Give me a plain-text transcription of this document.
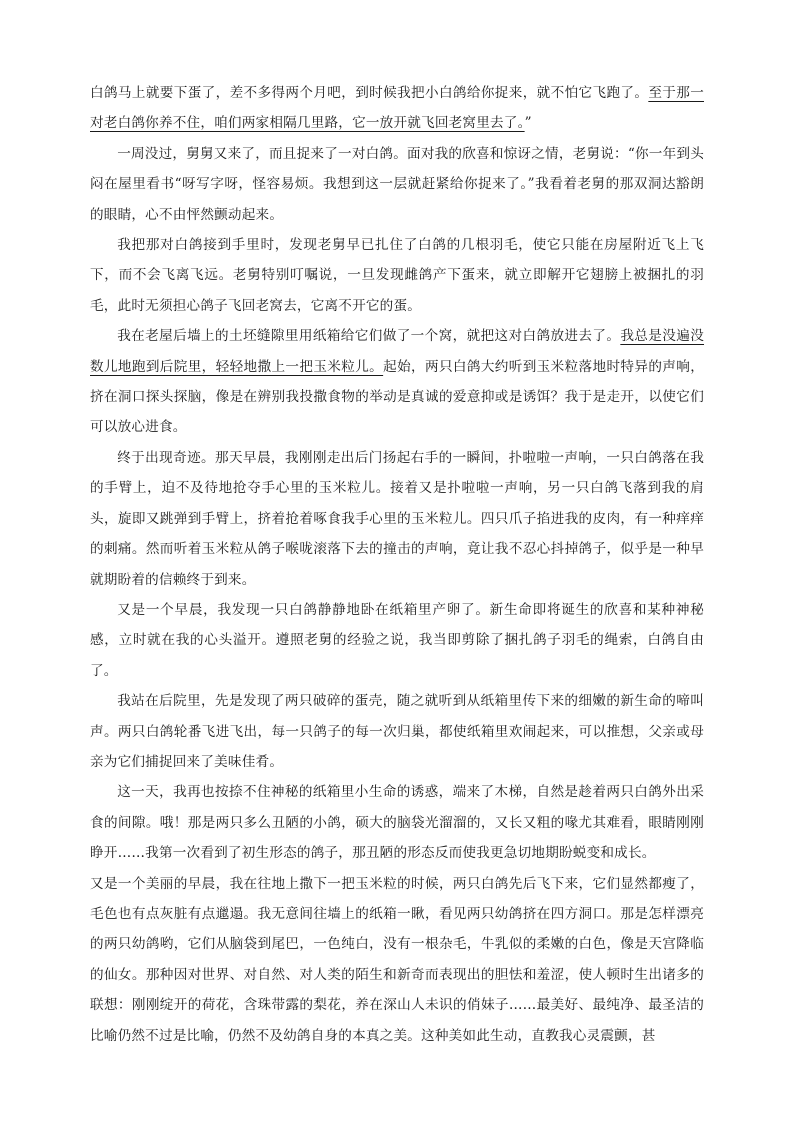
白鸽马上就要下蛋了，差不多得两个月吧，到时候我把小白鸽给你捉来，就不怕它飞跑了。至于那一对老白鸽你养不住，咱们两家相隔几里路，它一放开就飞回老窝里去了。”

一周没过，舅舅又来了，而且捉来了一对白鸽。面对我的欣喜和惊讶之情，老舅说：“你一年到头闷在屋里看书“呀写字呀，怪容易烦。我想到这一层就赶紧给你捉来了。”我看着老舅的那双洞达豁朗的眼睛，心不由怦然颤动起来。

我把那对白鸽接到手里时，发现老舅早已扎住了白鸽的几根羽毛，使它只能在房屋附近飞上飞下，而不会飞离飞远。老舅特别叮嘱说，一旦发现雌鸽产下蛋来，就立即解开它翅膀上被捆扎的羽毛，此时无须担心鸽子飞回老窝去，它离不开它的蛋。

我在老屋后墙上的土坯缝隙里用纸箱给它们做了一个窝，就把这对白鸽放进去了。我总是没遍没数儿地跑到后院里，轻轻地撒上一把玉米粒儿。起始，两只白鸽大约听到玉米粒落地时特异的声响，挤在洞口探头探脑，像是在辨别我投撒食物的举动是真诚的爱意抑或是诱饵？我于是走开，以使它们可以放心进食。

终于出现奇迹。那天早晨，我刚刚走出后门扬起右手的一瞬间，扑啦啦一声响，一只白鸽落在我的手臂上，迫不及待地抢夺手心里的玉米粒儿。接着又是扑啦啦一声响，另一只白鸽飞落到我的肩头，旋即又跳弹到手臂上，挤着抢着啄食我手心里的玉米粒儿。四只爪子掐进我的皮肉，有一种痒痒的刺痛。然而听着玉米粒从鸽子喉咙滚落下去的撞击的声响，竟让我不忍心抖掉鸽子，似乎是一种早就期盼着的信赖终于到来。

又是一个早晨，我发现一只白鸽静静地卧在纸箱里产卵了。新生命即将诞生的欣喜和某种神秘感，立时就在我的心头溢开。遵照老舅的经验之说，我当即剪除了捆扎鸽子羽毛的绳索，白鸽自由了。

我站在后院里，先是发现了两只破碎的蛋壳，随之就听到从纸箱里传下来的细嫩的新生命的啼叫声。两只白鸽轮番飞进飞出，每一只鸽子的每一次归巢，都使纸箱里欢闹起来，可以推想，父亲或母亲为它们捕捉回来了美味佳肴。

这一天，我再也按捺不住神秘的纸箱里小生命的诱惑，端来了木梯，自然是趁着两只白鸽外出采食的间隙。哦！那是两只多么丑陋的小鸽，硕大的脑袋光溜溜的，又长又粗的喙尤其难看，眼睛刚刚睁开……我第一次看到了初生形态的鸽子，那丑陋的形态反而使我更急切地期盼蜕变和成长。

又是一个美丽的早晨，我在往地上撒下一把玉米粒的时候，两只白鸽先后飞下来，它们显然都瘦了，毛色也有点灰脏有点邋遢。我无意间往墙上的纸箱一瞅，看见两只幼鸽挤在四方洞口。那是怎样漂亮的两只幼鸽哟，它们从脑袋到尾巴，一色纯白，没有一根杂毛，牛乳似的柔嫩的白色，像是天宫降临的仙女。那种因对世界、对自然、对人类的陌生和新奇而表现出的胆怯和羞涩，使人顿时生出诸多的联想：刚刚绽开的荷花，含珠带露的梨花，养在深山人未识的俏妹子……最美好、最纯净、最圣洁的比喻仍然不过是比喻，仍然不及幼鸽自身的本真之美。这种美如此生动，直教我心灵震颤，甚
